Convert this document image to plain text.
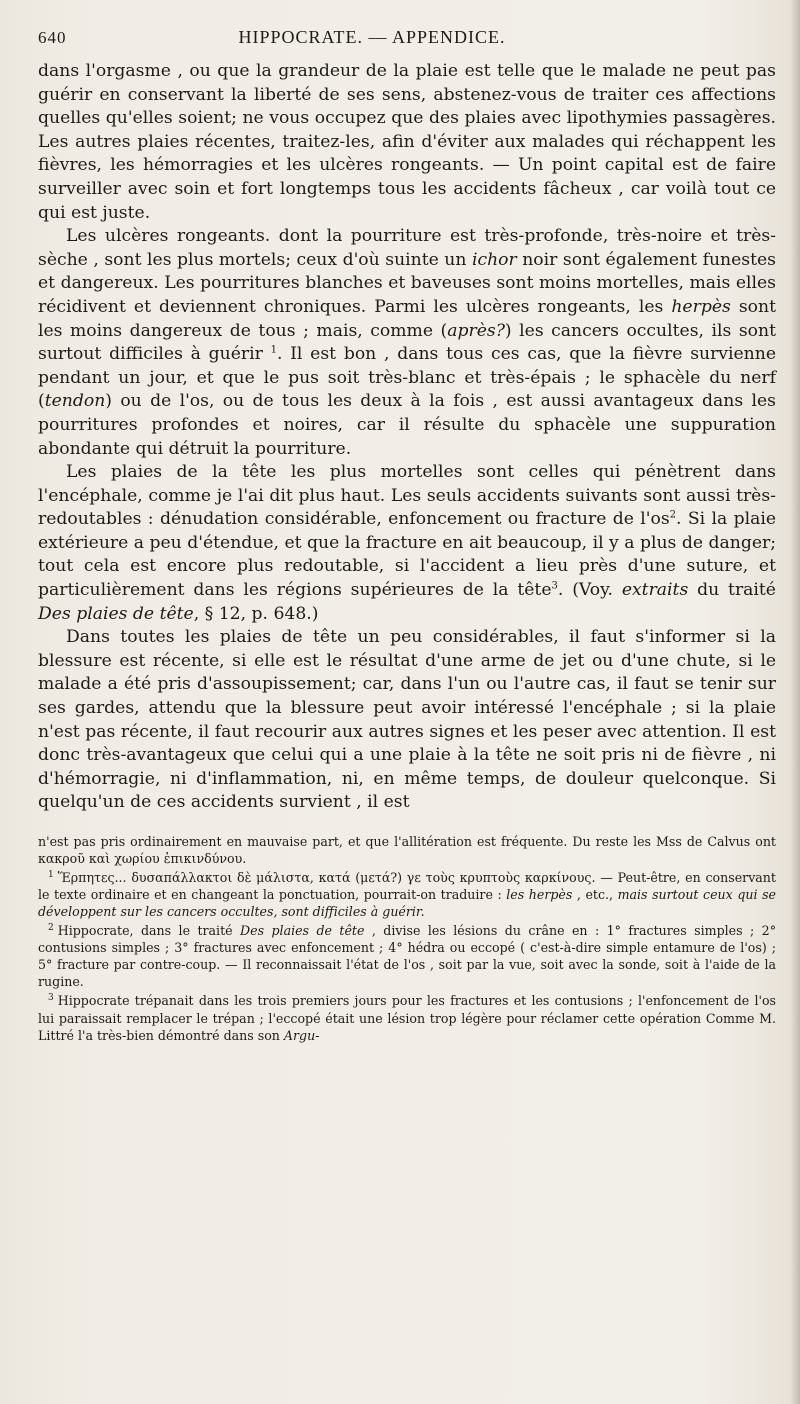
640	HIPPOCRATE. — APPENDICE.

dans l'orgasme , ou que la grandeur de la plaie est telle que le malade ne peut pas guérir en conservant la liberté de ses sens, abstenez-vous de traiter ces affections quelles qu'elles soient; ne vous occupez que des plaies avec lipothymies passagères. Les autres plaies récentes, traitez-les, afin d'éviter aux malades qui réchappent les fièvres, les hémorragies et les ulcères rongeants. — Un point capital est de faire surveiller avec soin et fort longtemps tous les accidents fâcheux , car voilà tout ce qui est juste.

Les ulcères rongeants. dont la pourriture est très-profonde, très-noire et très-sèche , sont les plus mortels; ceux d'où suinte un ichor noir sont également funestes et dangereux. Les pourritures blanches et baveuses sont moins mortelles, mais elles récidivent et deviennent chroniques. Parmi les ulcères rongeants, les herpès sont les moins dangereux de tous ; mais, comme (après?) les cancers occultes, ils sont surtout difficiles à guérir $^1$. Il est bon , dans tous ces cas, que la fièvre survienne pendant un jour, et que le pus soit très-blanc et très-épais ; le sphacèle du nerf (tendon) ou de l'os, ou de tous les deux à la fois , est aussi avantageux dans les pourritures profondes et noires, car il résulte du sphacèle une suppuration abondante qui détruit la pourriture.

Les plaies de la tête les plus mortelles sont celles qui pénètrent dans l'encéphale, comme je l'ai dit plus haut. Les seuls accidents suivants sont aussi très-redoutables : dénudation considérable, enfoncement ou fracture de $l'os^2$. Si la plaie extérieure a peu d'étendue, et que la fracture en ait beaucoup, il y a plus de danger; tout cela est encore plus redoutable, si l'accident a lieu près d'une suture, et particulièrement dans les régions supérieures de la tête$^3$. (Voy. extraits du traité Des plaies de tête, § 12, p. 648.)

Dans toutes les plaies de tête un peu considérables, il faut s'informer si la blessure est récente, si elle est le résultat d'une arme de jet ou d'une chute, si le malade a été pris d'assoupissement; car, dans l'un ou l'autre cas, il faut se tenir sur ses gardes, attendu que la blessure peut avoir intéressé l'encéphale ; si la plaie n'est pas récente, il faut recourir aux autres signes et les peser avec attention. Il est donc très-avantageux que celui qui a une plaie à la tête ne soit pris ni de fièvre , ni d'hémorragie, ni d'inflammation, ni, en même temps, de douleur quelconque. Si quelqu'un de ces accidents survient , il est

n'est pas pris ordinairement en mauvaise part, et que l'allitération est fréquente. Du reste les Mss de Calvus ont κακροῦ καὶ χωρίου ἐπικινδύνου.

$^1$ Ἕρπητες... δυσαπάλλακτοι δὲ μάλιστα, κατά (μετά?) γε τοὺς κρυπτοὺς καρκίνους. — Peut-être, en conservant le texte ordinaire et en changeant la ponctuation, pourrait-on traduire : les herpès , etc., mais surtout ceux qui se développent sur les cancers occultes, sont difficiles à guérir.

$^2$ Hippocrate, dans le traité Des plaies de tête , divise les lésions du crâne en : 1° fractures simples ; 2° contusions simples ; 3° fractures avec enfoncement ; 4° hédra ou eccopé ( c'est-à-dire simple entamure de l'os) ; 5° fracture par contre-coup. — Il reconnaissait l'état de l'os , soit par la vue, soit avec la sonde, soit à l'aide de la rugine.

$^3$ Hippocrate trépanait dans les trois premiers jours pour les fractures et les contusions ; l'enfoncement de l'os lui paraissait remplacer le trépan ; l'eccopé était une lésion trop légère pour réclamer cette opération Comme M. Littré l'a très-bien démontré dans son Argu-
